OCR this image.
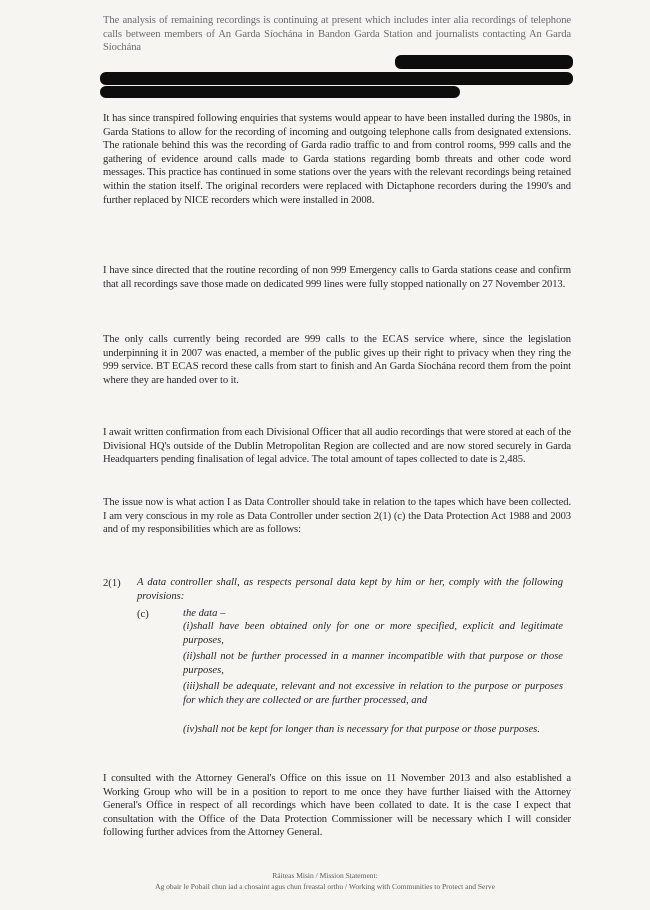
The analysis of remaining recordings is continuing at present which includes inter alia recordings of telephone calls between members of An Garda Síochána in Bandon Garda Station and journalists contacting An Garda Síochána

It has since transpired following enquiries that systems would appear to have been installed during the 1980s, in Garda Stations to allow for the recording of incoming and outgoing telephone calls from designated extensions. The rationale behind this was the recording of Garda radio traffic to and from control rooms, 999 calls and the gathering of evidence around calls made to Garda stations regarding bomb threats and other code word messages. This practice has continued in some stations over the years with the relevant recordings being retained within the station itself. The original recorders were replaced with Dictaphone recorders during the 1990's and further replaced by NICE recorders which were installed in 2008.

I have since directed that the routine recording of non 999 Emergency calls to Garda stations cease and confirm that all recordings save those made on dedicated 999 lines were fully stopped nationally on 27 November 2013.

The only calls currently being recorded are 999 calls to the ECAS service where, since the legislation underpinning it in 2007 was enacted, a member of the public gives up their right to privacy when they ring the 999 service. BT ECAS record these calls from start to finish and An Garda Síochána record them from the point where they are handed over to it.

I await written confirmation from each Divisional Officer that all audio recordings that were stored at each of the Divisional HQ's outside of the Dublin Metropolitan Region are collected and are now stored securely in Garda Headquarters pending finalisation of legal advice. The total amount of tapes collected to date is 2,485.

The issue now is what action I as Data Controller should take in relation to the tapes which have been collected. I am very conscious in my role as Data Controller under section 2(1) (c) the Data Protection Act 1988 and 2003 and of my responsibilities which are as follows:

2(1) A data controller shall, as respects personal data kept by him or her, comply with the following provisions:

(c)	the data –

(i)shall have been obtained only for one or more specified, explicit and legitimate purposes,

(ii)shall not be further processed in a manner incompatible with that purpose or those purposes,

(iii)shall be adequate, relevant and not excessive in relation to the purpose or purposes for which they are collected or are further processed, and

(iv)shall not be kept for longer than is necessary for that purpose or those purposes.

I consulted with the Attorney General's Office on this issue on 11 November 2013 and also established a Working Group who will be in a position to report to me once they have further liaised with the Attorney General's Office in respect of all recordings which have been collated to date. It is the case I expect that consultation with the Office of the Data Protection Commissioner will be necessary which I will consider following further advices from the Attorney General.

Ráiteas Misin / Mission Statement:

Ag obair le Pobail chun iad a chosaint agus chun freastal orthu / Working with Communities to Protect and Serve
